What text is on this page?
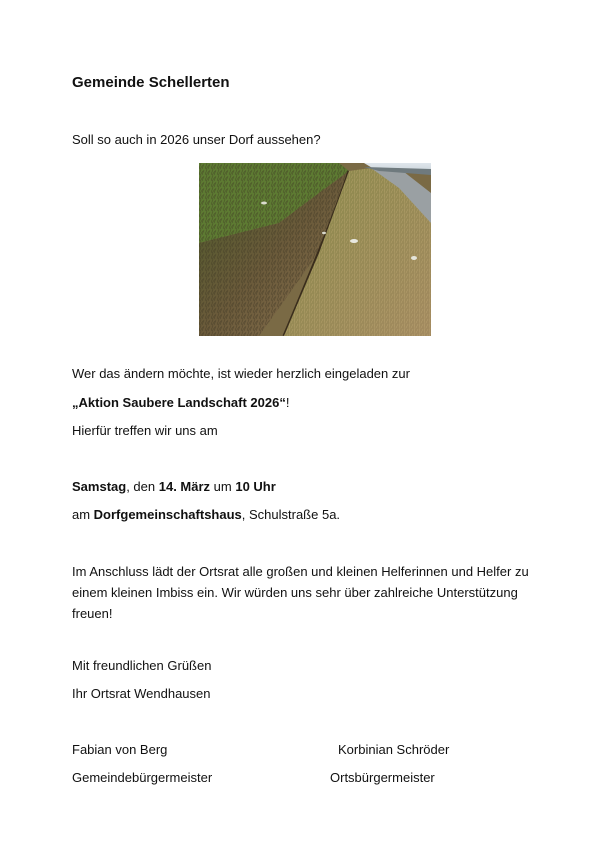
Gemeinde Schellerten
Soll so auch in 2026 unser Dorf aussehen?
Wer das ändern möchte, ist wieder herzlich eingeladen zur
„Aktion Saubere Landschaft 2026“!
Hierfür treffen wir uns am
Samstag, den 14. März um 10 Uhr
am Dorfgemeinschaftshaus, Schulstraße 5a.
Im Anschluss lädt der Ortsrat alle großen und kleinen Helferinnen und Helfer zu einem kleinen Imbiss ein. Wir würden uns sehr über zahlreiche Unterstützung freuen!
Mit freundlichen Grüßen
Ihr Ortsrat Wendhausen
Fabian von Berg
Gemeindebürgermeister
Korbinian Schröder
Ortsbürgermeister
